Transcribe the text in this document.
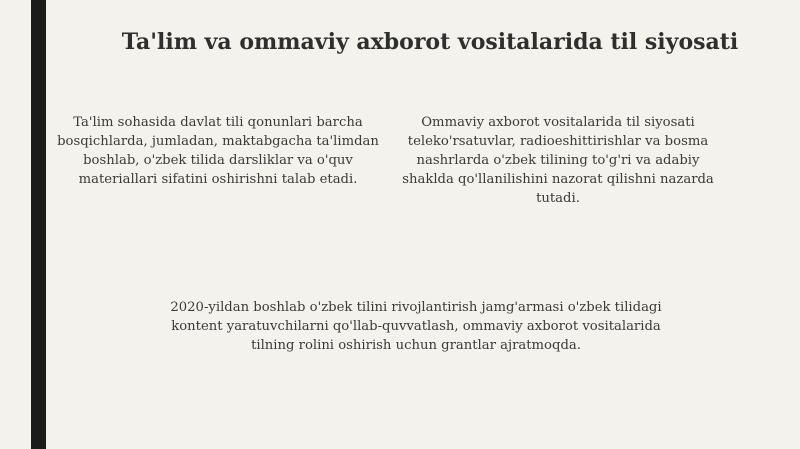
Ta'lim va ommaviy axborot vositalarida til siyosati

Ta'lim sohasida davlat tili qonunlari barcha bosqichlarda, jumladan, maktabgacha ta'limdan boshlab, o'zbek tilida darsliklar va o'quv materiallari sifatini oshirishni talab etadi.

Ommaviy axborot vositalarida til siyosati teleko'rsatuvlar, radioeshittirishlar va bosma nashrlarda o'zbek tilining to'g'ri va adabiy shaklda qo'llanilishini nazorat qilishni nazarda tutadi.

2020-yildan boshlab o'zbek tilini rivojlantirish jamg'armasi o'zbek tilidagi kontent yaratuvchilarni qo'llab-quvvatlash, ommaviy axborot vositalarida tilning rolini oshirish uchun grantlar ajratmoqda.
